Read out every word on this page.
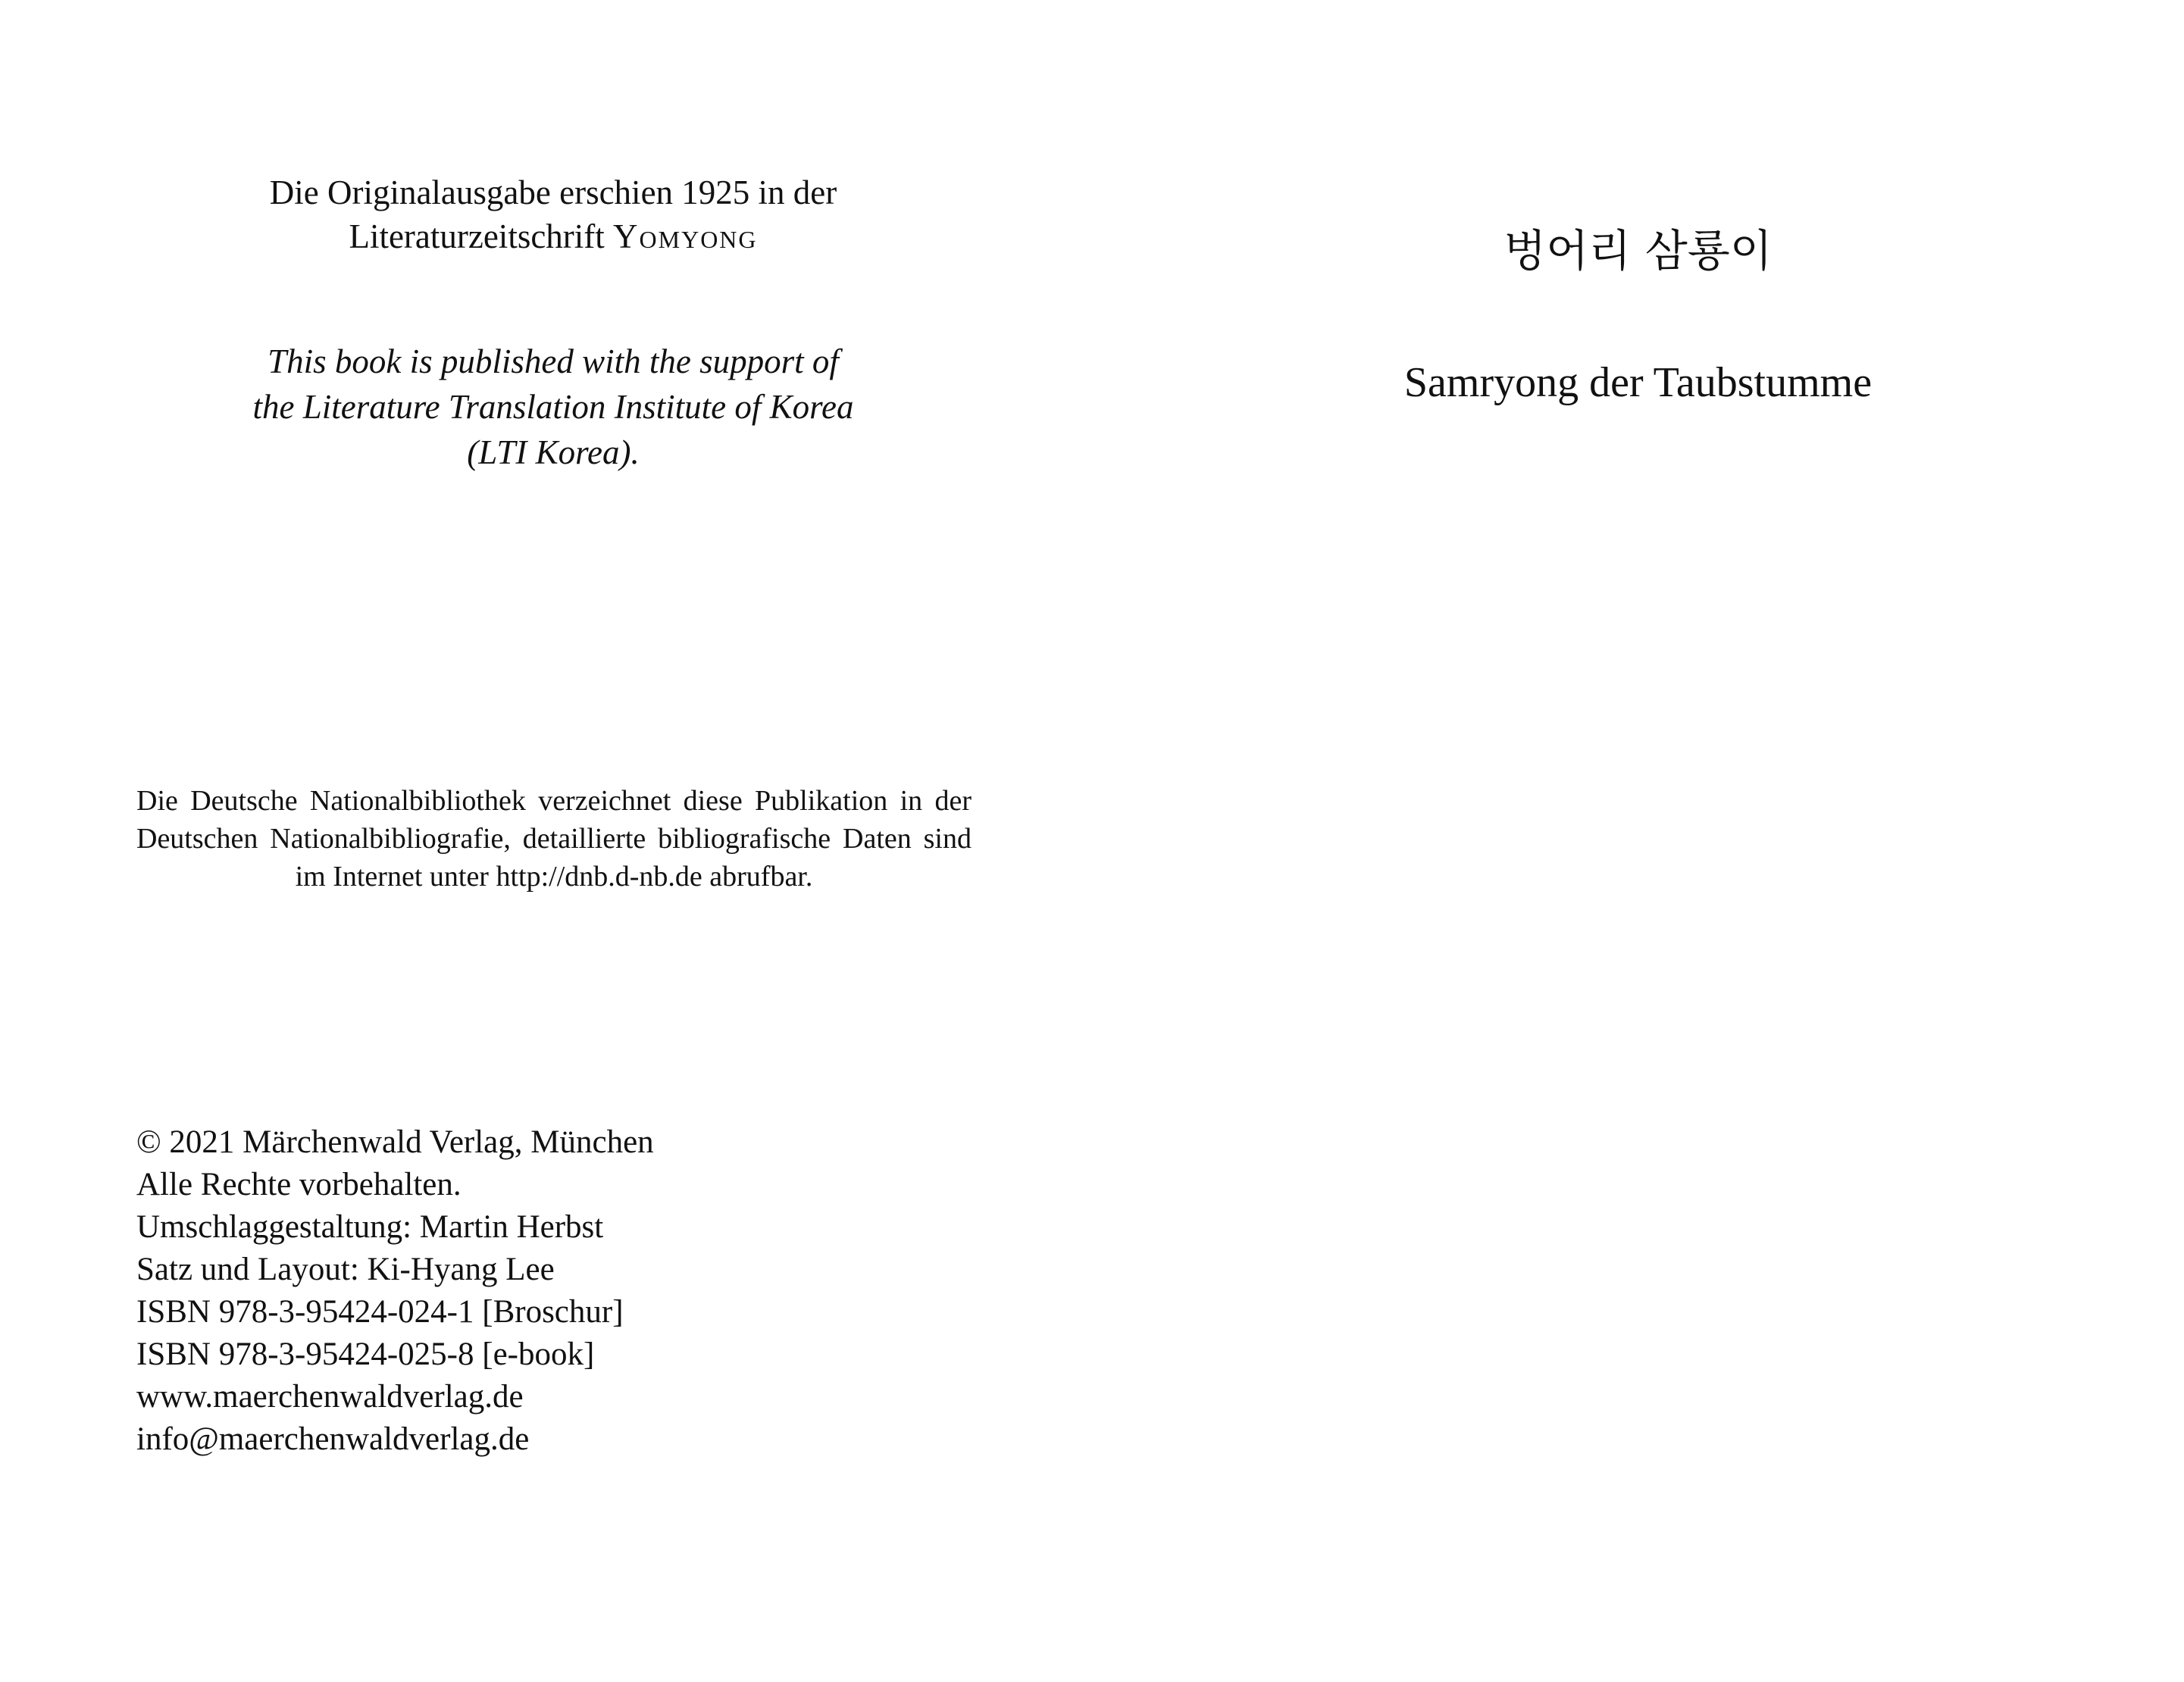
Die Originalausgabe erschien 1925 in der
Literaturzeitschrift Yomyong
This book is published with the support of
the Literature Translation Institute of Korea
(LTI Korea).
Die Deutsche Nationalbibliothek verzeichnet diese Publikation in der Deutschen Nationalbibliografie, detaillierte bibliografische Daten sind im Internet unter http://dnb.d-nb.de abrufbar.
© 2021 Märchenwald Verlag, München
Alle Rechte vorbehalten.
Umschlaggestaltung: Martin Herbst
Satz und Layout: Ki-Hyang Lee
ISBN 978-3-95424-024-1 [Broschur]
ISBN 978-3-95424-025-8 [e-book]
www.maerchenwaldverlag.de
info@maerchenwaldverlag.de
벙어리 삼룡이
Samryong der Taubstumme
